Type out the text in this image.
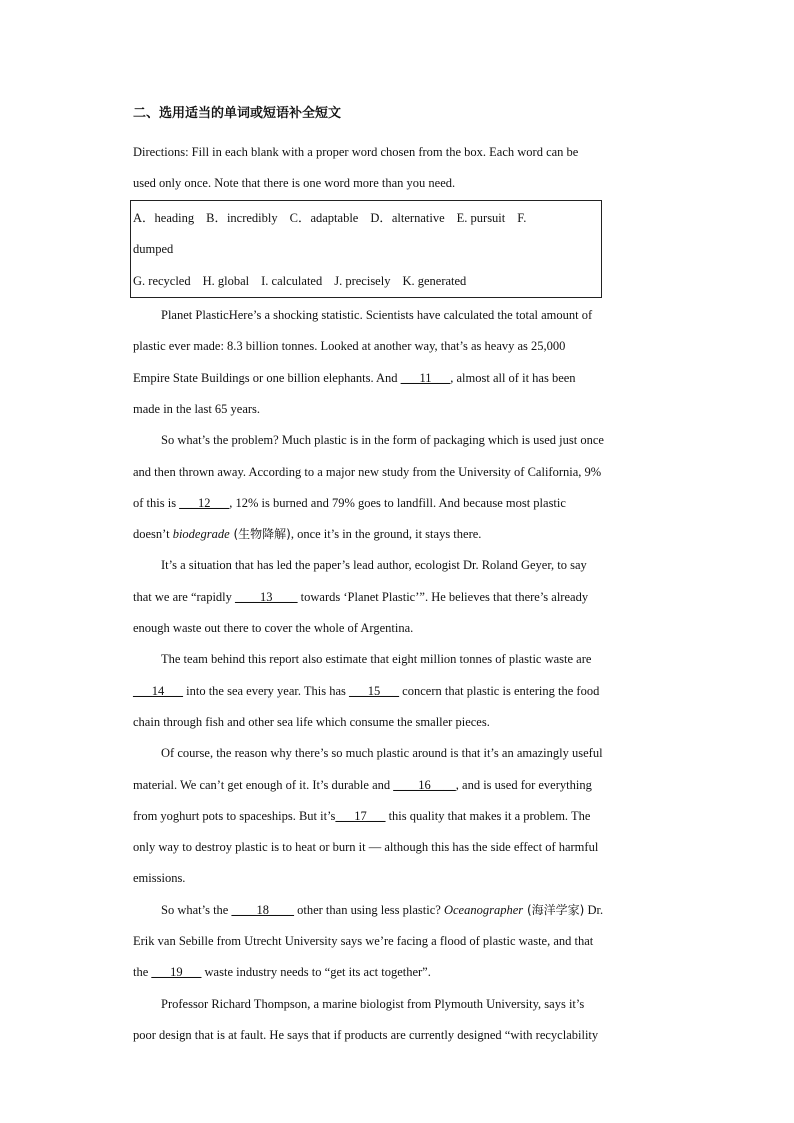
二、选用适当的单词或短语补全短文
Directions: Fill in each blank with a proper word chosen from the box. Each word can be
used only once. Note that there is one word more than you need.
A．heading B．incredibly C．adaptable D．alternative E. pursuit F.
dumped
G. recycled H. global I. calculated J. precisely K. generated
Planet PlasticHere’s a shocking statistic. Scientists have calculated the total amount of
plastic ever made: 8.3 billion tonnes. Looked at another way, that’s as heavy as 25,000
Empire State Buildings or one billion elephants. And ___11___, almost all of it has been
made in the last 65 years.
So what’s the problem? Much plastic is in the form of packaging which is used just once
and then thrown away. According to a major new study from the University of California, 9%
of this is ___12___, 12% is burned and 79% goes to landfill. And because most plastic
doesn’t biodegrade (生物降解), once it’s in the ground, it stays there.
It’s a situation that has led the paper’s lead author, ecologist Dr. Roland Geyer, to say
that we are “rapidly ____13____ towards ‘Planet Plastic’”. He believes that there’s already
enough waste out there to cover the whole of Argentina.
The team behind this report also estimate that eight million tonnes of plastic waste are
___14___ into the sea every year. This has ___15___ concern that plastic is entering the food
chain through fish and other sea life which consume the smaller pieces.
Of course, the reason why there’s so much plastic around is that it’s an amazingly useful
material. We can’t get enough of it. It’s durable and ____16____, and is used for everything
from yoghurt pots to spaceships. But it’s___17___ this quality that makes it a problem. The
only way to destroy plastic is to heat or burn it — although this has the side effect of harmful
emissions.
So what’s the ____18____ other than using less plastic? Oceanographer (海洋学家) Dr.
Erik van Sebille from Utrecht University says we’re facing a flood of plastic waste, and that
the ___19___ waste industry needs to “get its act together”.
Professor Richard Thompson, a marine biologist from Plymouth University, says it’s
poor design that is at fault. He says that if products are currently designed “with recyclability
